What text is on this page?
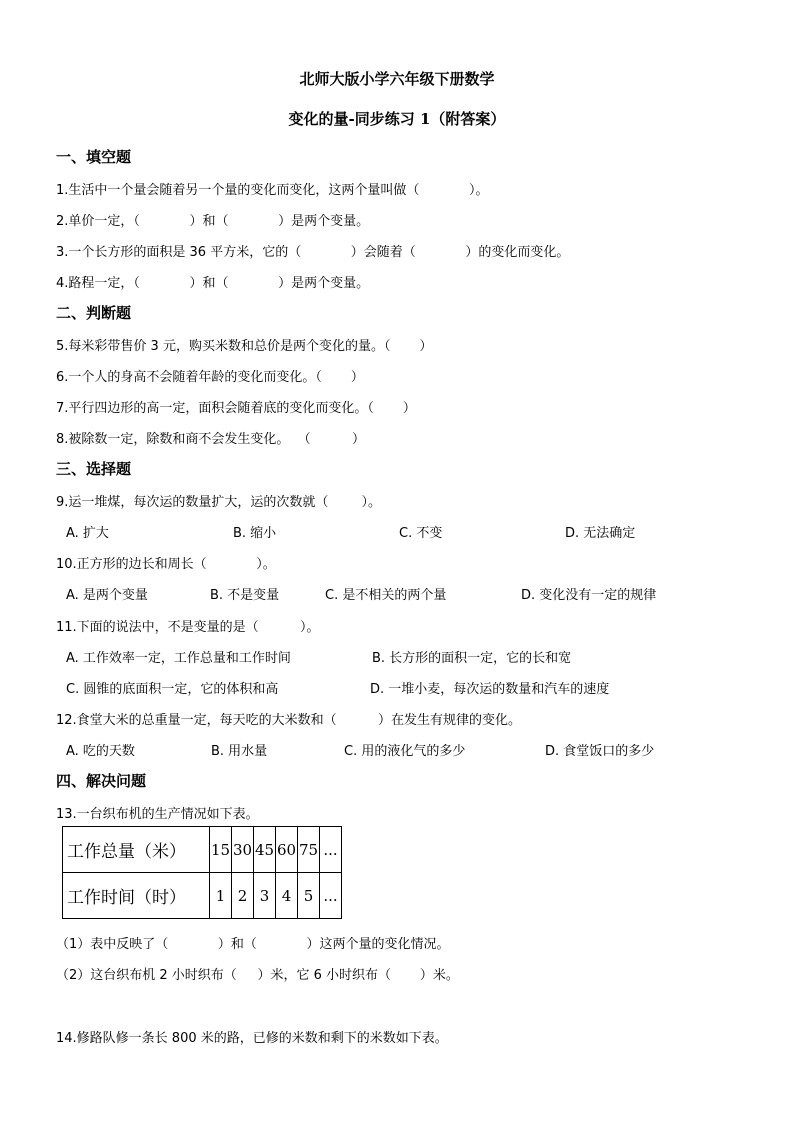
北师大版小学六年级下册数学
变化的量-同步练习 1（附答案）
一、填空题
1.生活中一个量会随着另一个量的变化而变化，这两个量叫做（            ）。
2.单价一定，（            ）和（            ）是两个变量。
3.一个长方形的面积是 36 平方米，它的（            ）会随着（            ）的变化而变化。
4.路程一定，（            ）和（            ）是两个变量。
二、判断题
5.每米彩带售价 3 元，购买米数和总价是两个变化的量。（       ）
6.一个人的身高不会随着年龄的变化而变化。（       ）
7.平行四边形的高一定，面积会随着底的变化而变化。（       ）
8.被除数一定，除数和商不会发生变化。  （          ）
三、选择题
9.运一堆煤，每次运的数量扩大，运的次数就（        ）。
A. 扩大	B. 缩小	C. 不变	D. 无法确定
10.正方形的边长和周长（            ）。
A. 是两个变量	B. 不是变量	C. 是不相关的两个量	D. 变化没有一定的规律
11.下面的说法中，不是变量的是（          ）。
A. 工作效率一定，工作总量和工作时间	B. 长方形的面积一定，它的长和宽
C. 圆锥的底面积一定，它的体积和高	D. 一堆小麦，每次运的数量和汽车的速度
12.食堂大米的总重量一定，每天吃的大米数和（          ）在发生有规律的变化。
A. 吃的天数	B. 用水量	C. 用的液化气的多少	D. 食堂饭口的多少
四、解决问题
13.一台织布机的生产情况如下表。
工作总量（米）	15	30	45	60	75	...
工作时间（时）	1	2	3	4	5	...
（1）表中反映了（            ）和（            ）这两个量的变化情况。
（2）这台织布机 2 小时织布（     ）米，它 6 小时织布（       ）米。
14.修路队修一条长 800 米的路，已修的米数和剩下的米数如下表。
